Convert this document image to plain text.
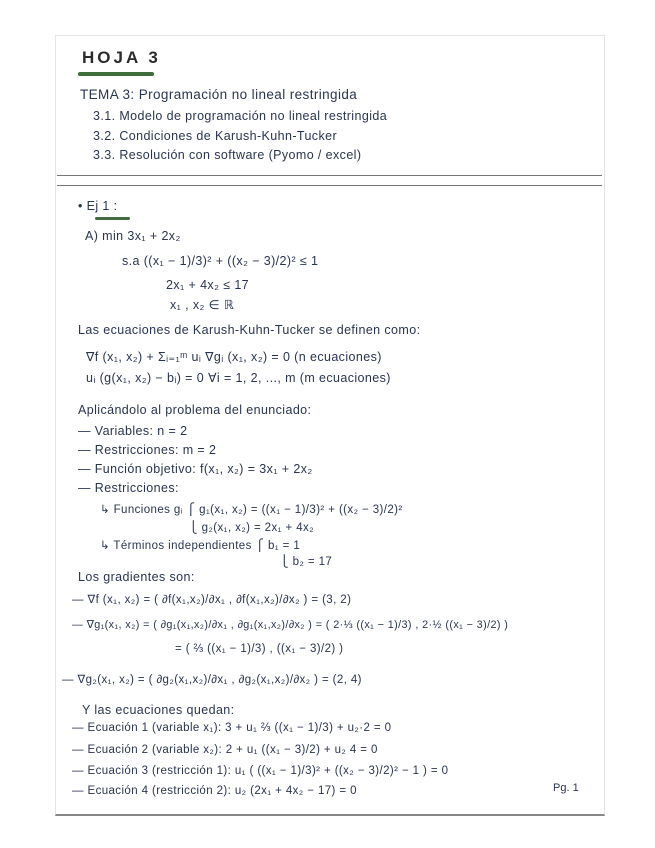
HOJA 3
TEMA 3: Programación no lineal restringida
3.1. Modelo de programación no lineal restringida
3.2. Condiciones de Karush-Kuhn-Tucker
3.3. Resolución con software (Pyomo / excel)
• Ej 1 :
A) min 3x₁ + 2x₂
s.a ((x₁ − 1)/3)² + ((x₂ − 3)/2)² ≤ 1
2x₁ + 4x₂ ≤ 17
x₁ , x₂ ∈ ℝ
Las ecuaciones de Karush-Kuhn-Tucker se definen como:
∇f (x₁, x₂) + Σᵢ₌₁ᵐ uᵢ ∇gᵢ (x₁, x₂) = 0 (n ecuaciones)
uᵢ (g(x₁, x₂) − bᵢ) = 0 ∀i = 1, 2, ..., m (m ecuaciones)
Aplicándolo al problema del enunciado:
— Variables: n = 2
— Restricciones: m = 2
— Función objetivo: f(x₁, x₂) = 3x₁ + 2x₂
— Restricciones:
↳ Funciones gᵢ ⎧ g₁(x₁, x₂) = ((x₁ − 1)/3)² + ((x₂ − 3)/2)²
⎩ g₂(x₁, x₂) = 2x₁ + 4x₂
↳ Términos independientes ⎧ b₁ = 1
⎩ b₂ = 17
Los gradientes son:
— ∇f (x₁, x₂) = ( ∂f(x₁,x₂)/∂x₁ , ∂f(x₁,x₂)/∂x₂ ) = (3, 2)
— ∇g₁(x₁, x₂) = ( ∂g₁(x₁,x₂)/∂x₁ , ∂g₁(x₁,x₂)/∂x₂ ) = ( 2·⅓ ((x₁ − 1)/3) , 2·½ ((x₁ − 3)/2) )
= ( ⅔ ((x₁ − 1)/3) , ((x₁ − 3)/2) )
— ∇g₂(x₁, x₂) = ( ∂g₂(x₁,x₂)/∂x₁ , ∂g₂(x₁,x₂)/∂x₂ ) = (2, 4)
Y las ecuaciones quedan:
— Ecuación 1 (variable x₁): 3 + u₁ ⅔ ((x₁ − 1)/3) + u₂·2 = 0
— Ecuación 2 (variable x₂): 2 + u₁ ((x₁ − 3)/2) + u₂ 4 = 0
— Ecuación 3 (restricción 1): u₁ ( ((x₁ − 1)/3)² + ((x₂ − 3)/2)² − 1 ) = 0
— Ecuación 4 (restricción 2): u₂ (2x₁ + 4x₂ − 17) = 0	Pg. 1
